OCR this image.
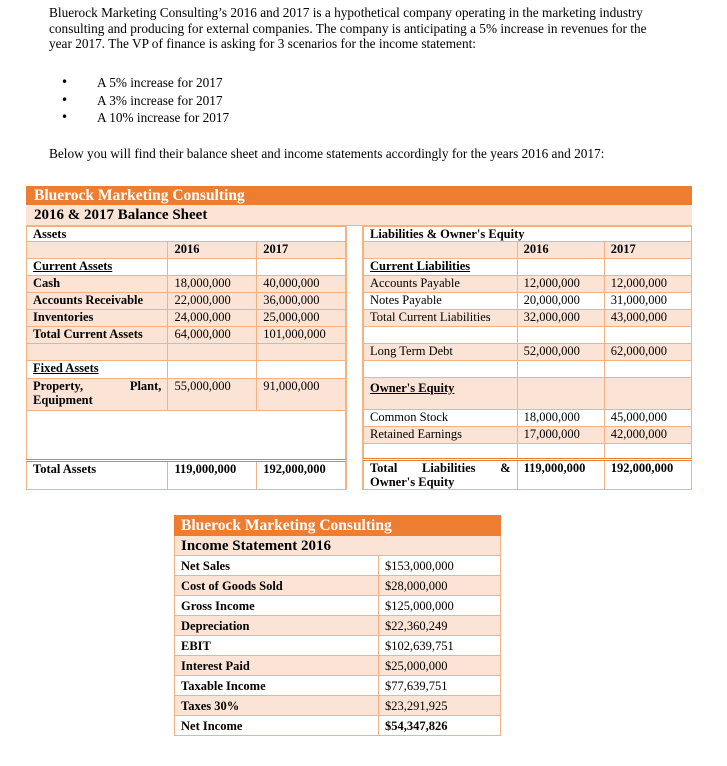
Bluerock Marketing Consulting’s 2016 and 2017 is a hypothetical company operating in the marketing industry consulting and producing for external companies. The company is anticipating a 5% increase in revenues for the year 2017. The VP of finance is asking for 3 scenarios for the income statement:

• A 5% increase for 2017
• A 3% increase for 2017
• A 10% increase for 2017

Below you will find their balance sheet and income statements accordingly for the years 2016 and 2017:

Bluerock Marketing Consulting
2016 & 2017 Balance Sheet
Assets		
	2016	2017
Current Assets		
Cash	18,000,000	40,000,000
Accounts Receivable	22,000,000	36,000,000
Inventories	24,000,000	25,000,000
Total Current Assets	64,000,000	101,000,000

Fixed Assets		

Property, Plant,
Equipment	55,000,000	91,000,000

Total Assets	119,000,000	192,000,000
Liabilities & Owner's Equity		
	2016	2017
Current Liabilities		
Accounts Payable	12,000,000	12,000,000
Notes Payable	20,000,000	31,000,000
Total Current Liabilities	32,000,000	43,000,000

Long Term Debt	52,000,000	62,000,000

Owner's Equity		
Common Stock	18,000,000	45,000,000
Retained Earnings	17,000,000	42,000,000

Total Liabilities &
Owner's Equity	119,000,000	192,000,000
Bluerock Marketing Consulting	
Income Statement 2016	
Net Sales	$153,000,000
Cost of Goods Sold	$28,000,000
Gross Income	$125,000,000
Depreciation	$22,360,249
EBIT	$102,639,751
Interest Paid	$25,000,000
Taxable Income	$77,639,751
Taxes 30%	$23,291,925
Net Income	$54,347,826
